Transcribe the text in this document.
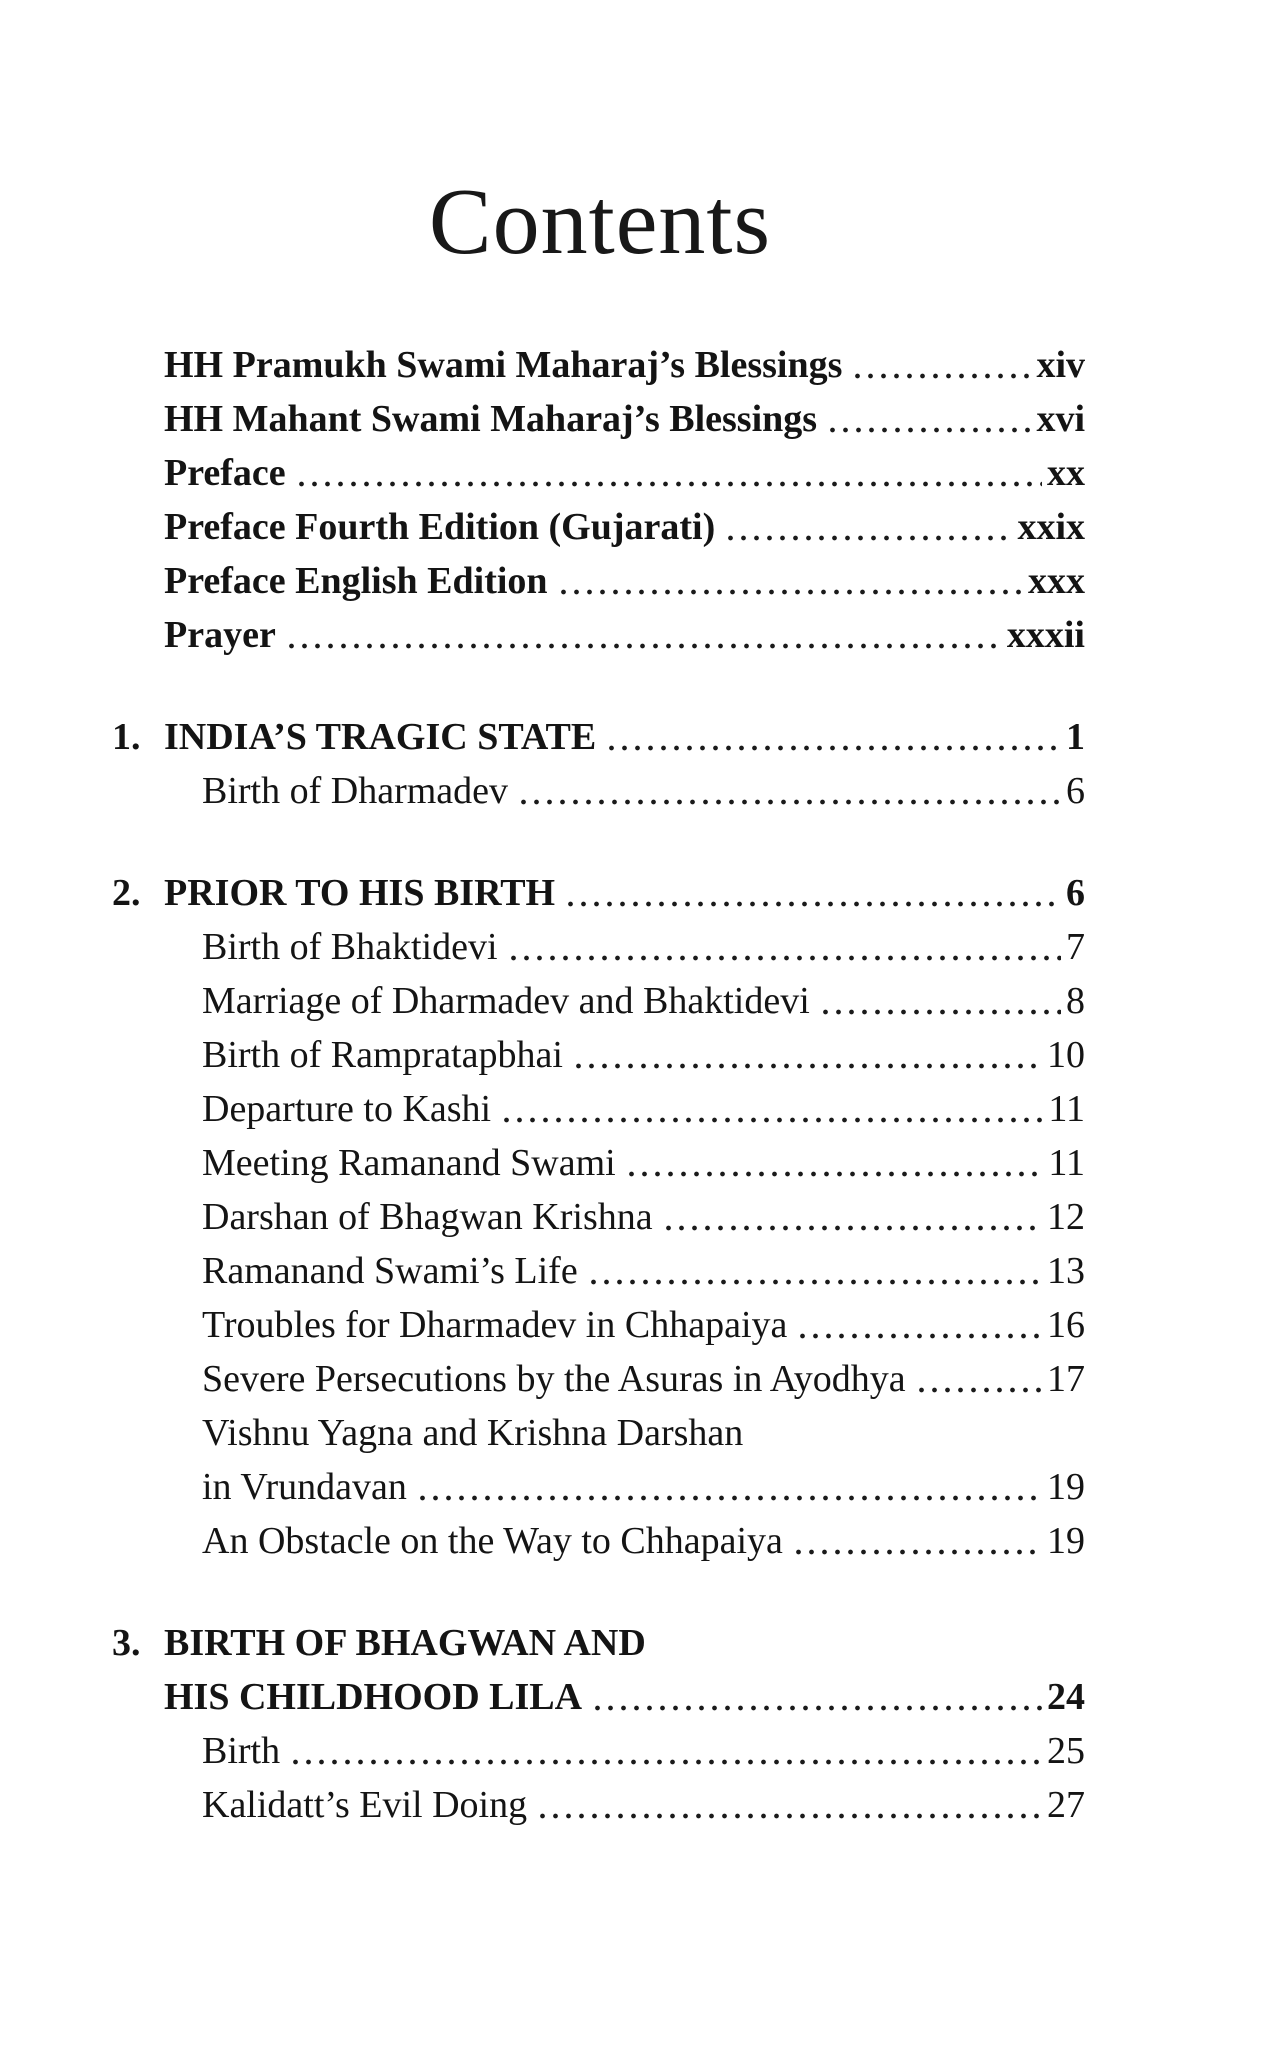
Contents
HH Pramukh Swami Maharaj’s Blessings	xiv
HH Mahant Swami Maharaj’s Blessings	xvi
Preface	xx
Preface Fourth Edition (Gujarati)	xxix
Preface English Edition	xxx
Prayer	xxxii
1. INDIA’S TRAGIC STATE	1
Birth of Dharmadev	6
2. PRIOR TO HIS BIRTH	6
Birth of Bhaktidevi	7
Marriage of Dharmadev and Bhaktidevi	8
Birth of Rampratapbhai	10
Departure to Kashi	11
Meeting Ramanand Swami	11
Darshan of Bhagwan Krishna	12
Ramanand Swami’s Life	13
Troubles for Dharmadev in Chhapaiya	16
Severe Persecutions by the Asuras in Ayodhya	17
Vishnu Yagna and Krishna Darshan
in Vrundavan	19
An Obstacle on the Way to Chhapaiya	19
3. BIRTH OF BHAGWAN AND
HIS CHILDHOOD LILA	24
Birth	25
Kalidatt’s Evil Doing	27
